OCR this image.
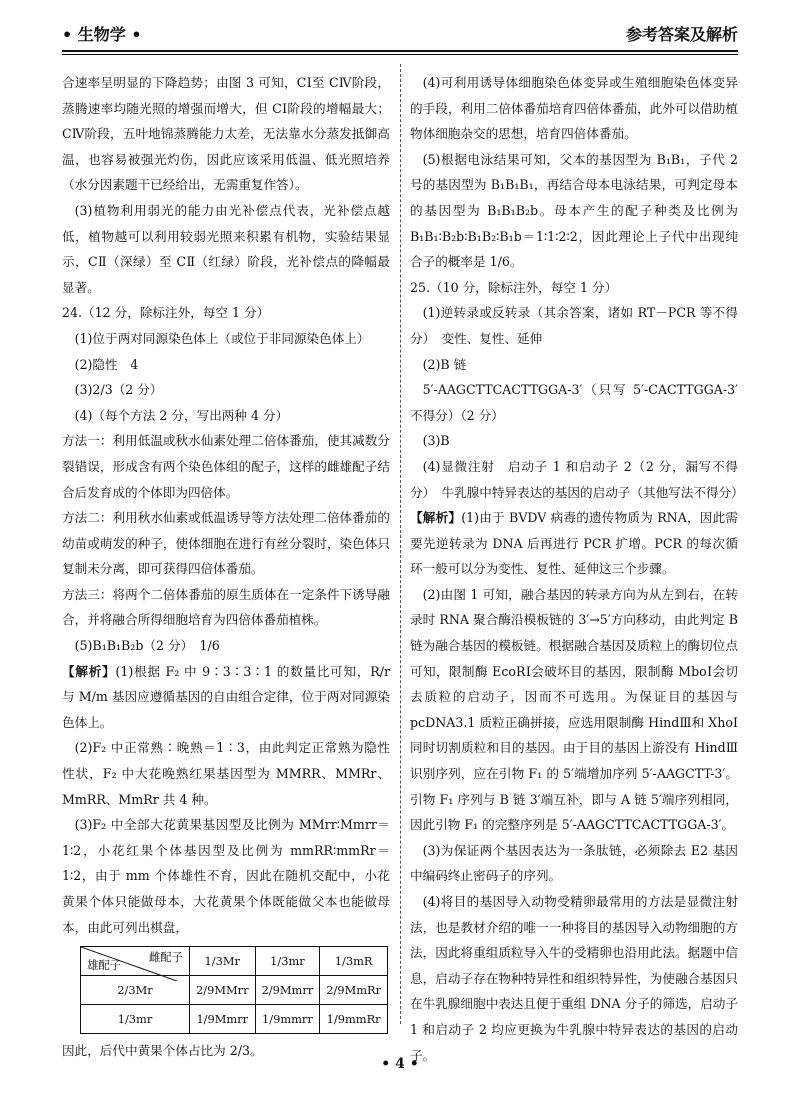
• 生物学 •	参考答案及解析

合速率呈明显的下降趋势；由图 3 可知，CⅠ至 CⅣ阶段，蒸腾速率均随光照的增强而增大，但 CⅠ阶段的增幅最大；CⅣ阶段，五叶地锦蒸腾能力太差，无法靠水分蒸发抵御高温，也容易被强光灼伤，因此应该采用低温、低光照培养（水分因素题干已经给出，无需重复作答）。

(3)植物利用弱光的能力由光补偿点代表，光补偿点越低，植物越可以利用较弱光照来积累有机物，实验结果显示，CⅡ（深绿）至 CⅡ（红绿）阶段，光补偿点的降幅最显著。

24.（12 分，除标注外，每空 1 分）

(1)位于两对同源染色体上（或位于非同源染色体上）

(2)隐性　4

(3)2/3（2 分）

(4)（每个方法 2 分，写出两种 4 分）

方法一：利用低温或秋水仙素处理二倍体番茄，使其减数分裂错误，形成含有两个染色体组的配子，这样的雌雄配子结合后发育成的个体即为四倍体。

方法二：利用秋水仙素或低温诱导等方法处理二倍体番茄的幼苗或萌发的种子，使体细胞在进行有丝分裂时，染色体只复制未分离，即可获得四倍体番茄。

方法三：将两个二倍体番茄的原生质体在一定条件下诱导融合，并将融合所得细胞培育为四倍体番茄植株。

(5)B₁B₁B₂b（2 分）　1/6

【解析】(1)根据 F₂ 中 9∶3∶3∶1 的数量比可知，R/r 与 M/m 基因应遵循基因的自由组合定律，位于两对同源染色体上。

(2)F₂ 中正常熟∶晚熟＝1∶3，由此判定正常熟为隐性性状，F₂ 中大花晚熟红果基因型为 MMRR、MMRr、MmRR、MmRr 共 4 种。

(3)F₂ 中全部大花黄果基因型及比例为 MMrr∶Mmrr＝1∶2，小花红果个体基因型及比例为 mmRR∶mmRr＝1∶2，由于 mm 个体雄性不育，因此在随机交配中，小花黄果个体只能做母本，大花黄果个体既能做父本也能做母本，由此可列出棋盘，

雌配子
雄配子	1/3Mr	1/3mr	1/3mR
2/3Mr	2/9MMrr	2/9Mmrr	2/9MmRr
1/3mr	1/9Mmrr	1/9mmrr	1/9mmRr

因此，后代中黄果个体占比为 2/3。

(4)可利用诱导体细胞染色体变异或生殖细胞染色体变异的手段，利用二倍体番茄培育四倍体番茄，此外可以借助植物体细胞杂交的思想，培育四倍体番茄。

(5)根据电泳结果可知，父本的基因型为 B₁B₁，子代 2 号的基因型为 B₁B₁B₁，再结合母本电泳结果，可判定母本的基因型为 B₁B₁B₂b。母本产生的配子种类及比例为 B₁B₁∶B₂b∶B₁B₂∶B₁b＝1∶1∶2∶2，因此理论上子代中出现纯合子的概率是 1/6。

25.（10 分，除标注外，每空 1 分）

(1)逆转录或反转录（其余答案，诸如 RT－PCR 等不得分）　变性、复性、延伸

(2)B 链

5′-AAGCTTCACTTGGA-3′（只写 5′-CACTTGGA-3′ 不得分）（2 分）

(3)B

(4)显微注射　启动子 1 和启动子 2（2 分，漏写不得分）　牛乳腺中特异表达的基因的启动子（其他写法不得分）

【解析】(1)由于 BVDV 病毒的遗传物质为 RNA，因此需要先逆转录为 DNA 后再进行 PCR 扩增。PCR 的每次循环一般可以分为变性、复性、延伸这三个步骤。

(2)由图 1 可知，融合基因的转录方向为从左到右，在转录时 RNA 聚合酶沿模板链的 3′→5′方向移动，由此判定 B 链为融合基因的模板链。根据融合基因及质粒上的酶切位点可知，限制酶 EcoRⅠ会破坏目的基因，限制酶 MboⅠ会切去质粒的启动子，因而不可选用。为保证目的基因与 pcDNA3.1 质粒正确拼接，应选用限制酶 HindⅢ和 XhoⅠ同时切割质粒和目的基因。由于目的基因上游没有 HindⅢ识别序列，应在引物 F₁ 的 5′端增加序列 5′-AAGCTT-3′。引物 F₁ 序列与 B 链 3′端互补，即与 A 链 5′端序列相同，因此引物 F₁ 的完整序列是 5′-AAGCTTCACTTGGA-3′。

(3)为保证两个基因表达为一条肽链，必须除去 E2 基因中编码终止密码子的序列。

(4)将目的基因导入动物受精卵最常用的方法是显微注射法，也是教材介绍的唯一一种将目的基因导入动物细胞的方法，因此将重组质粒导入牛的受精卵也沿用此法。据题中信息，启动子存在物种特异性和组织特异性，为使融合基因只在牛乳腺细胞中表达且便于重组 DNA 分子的筛选，启动子 1 和启动子 2 均应更换为牛乳腺中特异表达的基因的启动子。

• 4 •
